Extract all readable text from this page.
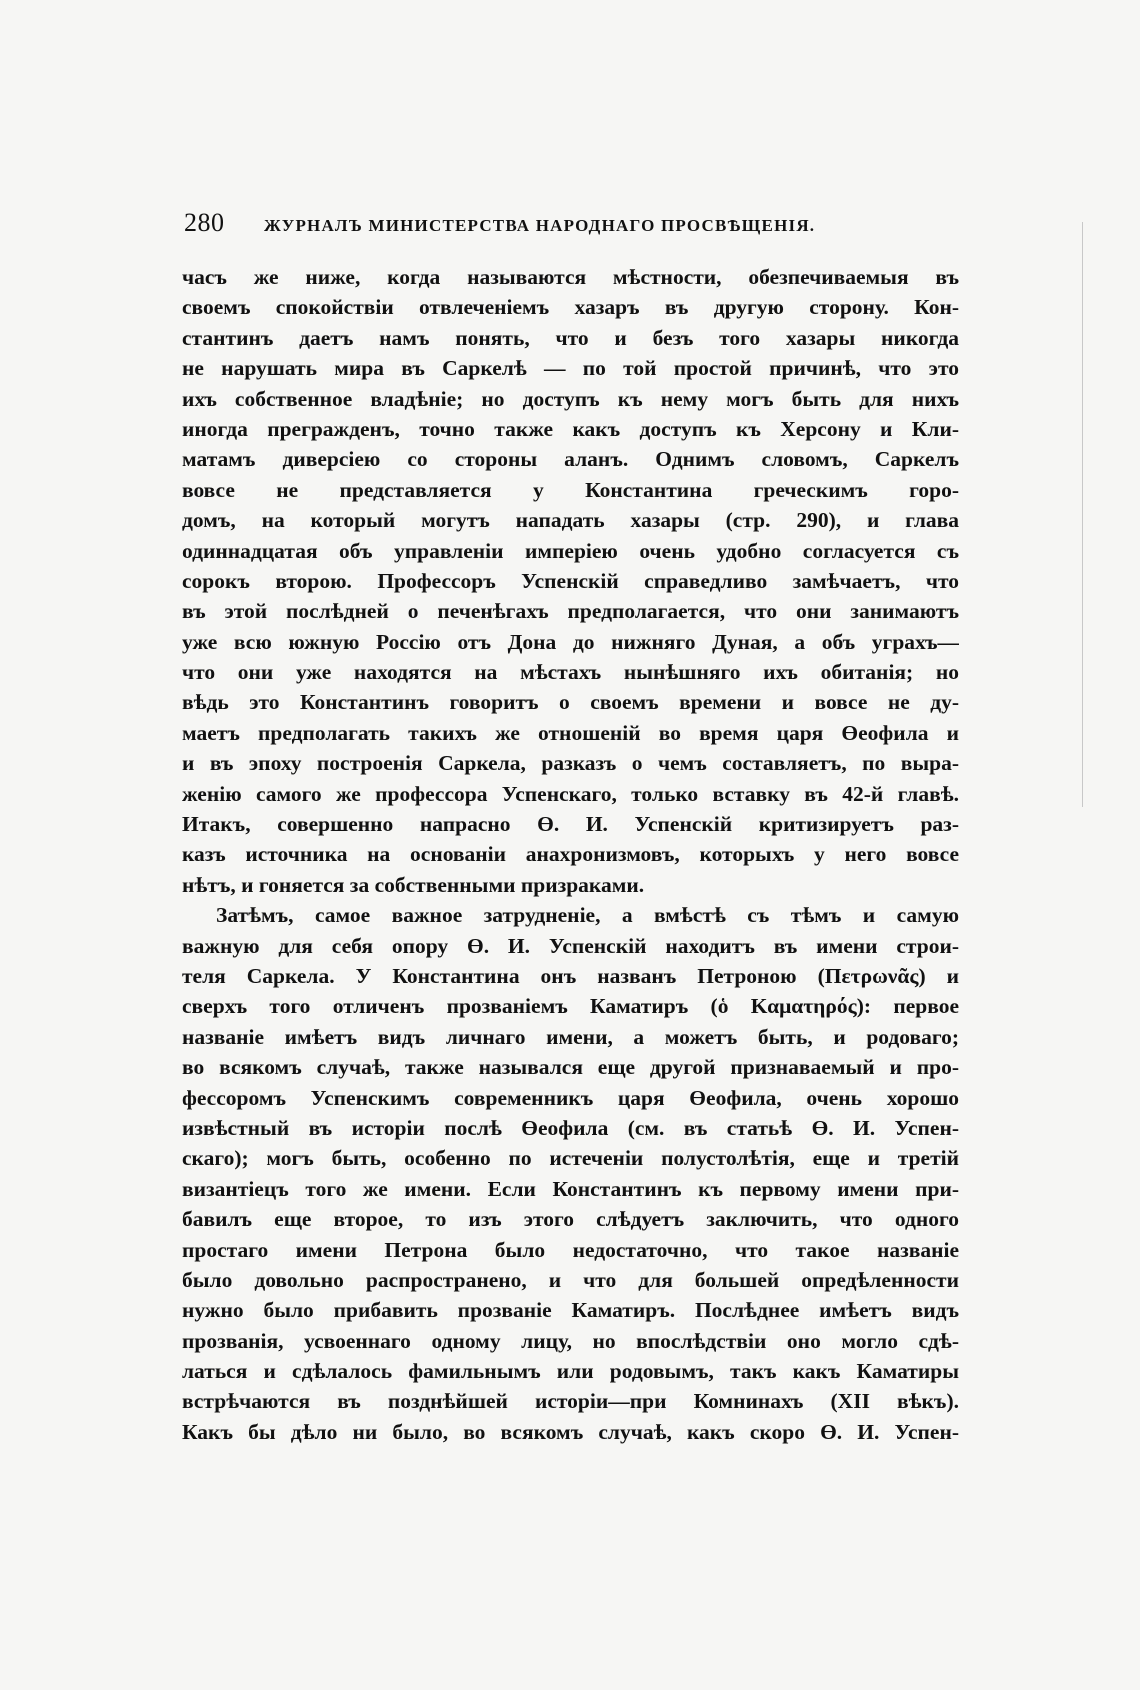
280	ЖУРНАЛЪ МИНИСТЕРСТВА НАРОДНАГО ПРОСВѢЩЕНІЯ.
часъ же ниже, когда называются мѣстности, обезпечиваемыя въ
своемъ спокойствіи отвлеченіемъ хазаръ въ другую сторону. Кон-
стантинъ даетъ намъ понять, что и безъ того хазары никогда
не нарушать мира въ Саркелѣ — по той простой причинѣ, что это
ихъ собственное владѣніе; но доступъ къ нему могъ быть для нихъ
иногда прегражденъ, точно также какъ доступъ къ Херсону и Кли-
матамъ диверсіею со стороны аланъ. Однимъ словомъ, Саркелъ
вовсе не представляется у Константина греческимъ горо-
домъ, на который могутъ нападать хазары (стр. 290), и глава
одиннадцатая объ управленіи имперіею очень удобно согласуется съ
сорокъ второю. Профессоръ Успенскій справедливо замѣчаетъ, что
въ этой послѣдней о печенѣгахъ предполагается, что они занимаютъ
уже всю южную Россію отъ Дона до нижняго Дуная, а объ уграхъ—
что они уже находятся на мѣстахъ нынѣшняго ихъ обитанія; но
вѣдь это Константинъ говоритъ о своемъ времени и вовсе не ду-
маетъ предполагать такихъ же отношеній во время царя Өеофила и
и въ эпоху построенія Саркела, разказъ о чемъ составляетъ, по выра-
женію самого же профессора Успенскаго, только вставку въ 42-й главѣ.
Итакъ, совершенно напрасно Ө. И. Успенскій критизируетъ раз-
казъ источника на основаніи анахронизмовъ, которыхъ у него вовсе
нѣтъ, и гоняется за собственными призраками.
Затѣмъ, самое важное затрудненіе, а вмѣстѣ съ тѣмъ и самую
важную для себя опору Ө. И. Успенскій находитъ въ имени строи-
теля Саркела. У Константина онъ названъ Петроною (Πετρωνᾶς) и
сверхъ того отличенъ прозваніемъ Каматиръ (ὁ Καματηρός): первое
названіе имѣетъ видъ личнаго имени, а можетъ быть, и родоваго;
во всякомъ случаѣ, также назывался еще другой признаваемый и про-
фессоромъ Успенскимъ современникъ царя Өеофила, очень хорошо
извѣстный въ исторіи послѣ Өеофила (см. въ статьѣ Ө. И. Успен-
скаго); могъ быть, особенно по истеченіи полустолѣтія, еще и третій
византіецъ того же имени. Если Константинъ къ первому имени при-
бавилъ еще второе, то изъ этого слѣдуетъ заключить, что одного
простаго имени Петрона было недостаточно, что такое названіе
было довольно распространено, и что для большей опредѣленности
нужно было прибавить прозваніе Каматиръ. Послѣднее имѣетъ видъ
прозванія, усвоеннаго одному лицу, но впослѣдствіи оно могло сдѣ-
латься и сдѣлалось фамильнымъ или родовымъ, такъ какъ Каматиры
встрѣчаются въ позднѣйшей исторіи—при Комнинахъ (XII вѣкъ).
Какъ бы дѣло ни было, во всякомъ случаѣ, какъ скоро Ө. И. Успен-
